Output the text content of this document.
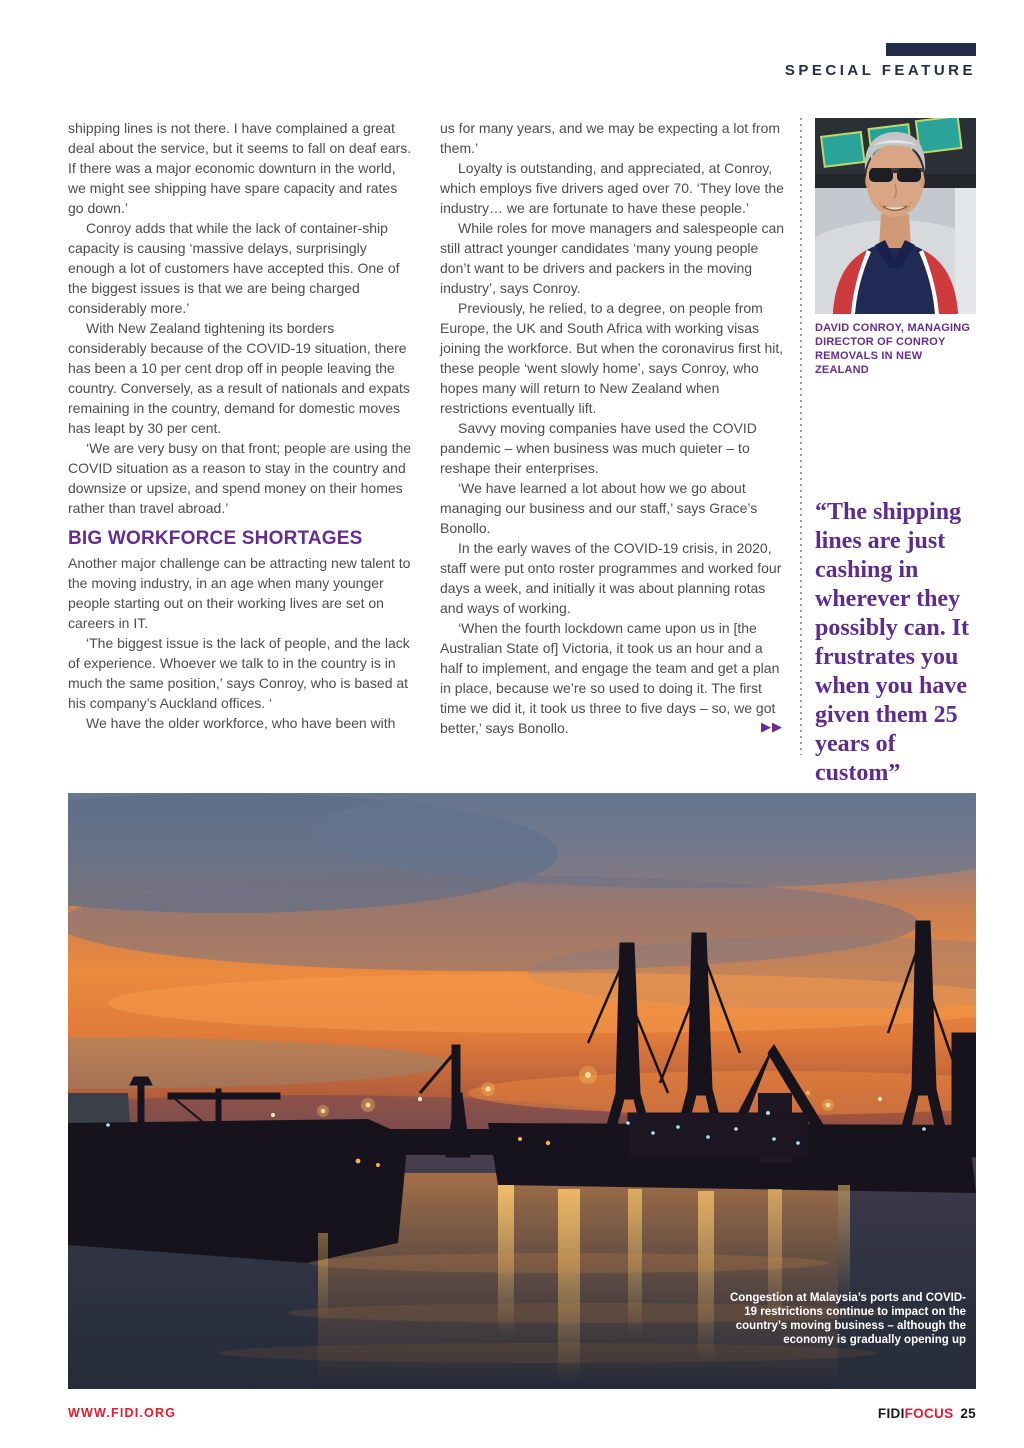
SPECIAL FEATURE

shipping lines is not there. I have complained a great deal about the service, but it seems to fall on deaf ears. If there was a major economic downturn in the world, we might see shipping have spare capacity and rates go down.’

Conroy adds that while the lack of container-ship capacity is causing ‘massive delays, surprisingly enough a lot of customers have accepted this. One of the biggest issues is that we are being charged considerably more.’

With New Zealand tightening its borders considerably because of the COVID-19 situation, there has been a 10 per cent drop off in people leaving the country. Conversely, as a result of nationals and expats remaining in the country, demand for domestic moves has leapt by 30 per cent.

‘We are very busy on that front; people are using the COVID situation as a reason to stay in the country and downsize or upsize, and spend money on their homes rather than travel abroad.’

BIG WORKFORCE SHORTAGES

Another major challenge can be attracting new talent to the moving industry, in an age when many younger people starting out on their working lives are set on careers in IT.

‘The biggest issue is the lack of people, and the lack of experience. Whoever we talk to in the country is in much the same position,’ says Conroy, who is based at his company’s Auckland offices. ‘

We have the older workforce, who have been with

us for many years, and we may be expecting a lot from them.’

Loyalty is outstanding, and appreciated, at Conroy, which employs five drivers aged over 70. ‘They love the industry… we are fortunate to have these people.’

While roles for move managers and salespeople can still attract younger candidates ‘many young people don’t want to be drivers and packers in the moving industry’, says Conroy.

Previously, he relied, to a degree, on people from Europe, the UK and South Africa with working visas joining the workforce. But when the coronavirus first hit, these people ‘went slowly home’, says Conroy, who hopes many will return to New Zealand when restrictions eventually lift.

Savvy moving companies have used the COVID pandemic – when business was much quieter – to reshape their enterprises.

‘We have learned a lot about how we go about managing our business and our staff,’ says Grace’s Bonollo.

In the early waves of the COVID-19 crisis, in 2020, staff were put onto roster programmes and worked four days a week, and initially it was about planning rotas and ways of working.

‘When the fourth lockdown came upon us in [the Australian State of] Victoria, it took us an hour and a half to implement, and engage the team and get a plan in place, because we’re so used to doing it. The first time we did it, it took us three to five days – so, we got better,’ says Bonollo.	▶▶
DAVID CONROY, MANAGING DIRECTOR OF CONROY REMOVALS IN NEW ZEALAND
“The shipping lines are just cashing in wherever they possibly can. It frustrates you when you have given them 25 years of custom”
Congestion at Malaysia’s ports and COVID-19 restrictions continue to impact on the country’s moving business – although the economy is gradually opening up
WWW.FIDI.ORG	FIDIFOCUS 25
